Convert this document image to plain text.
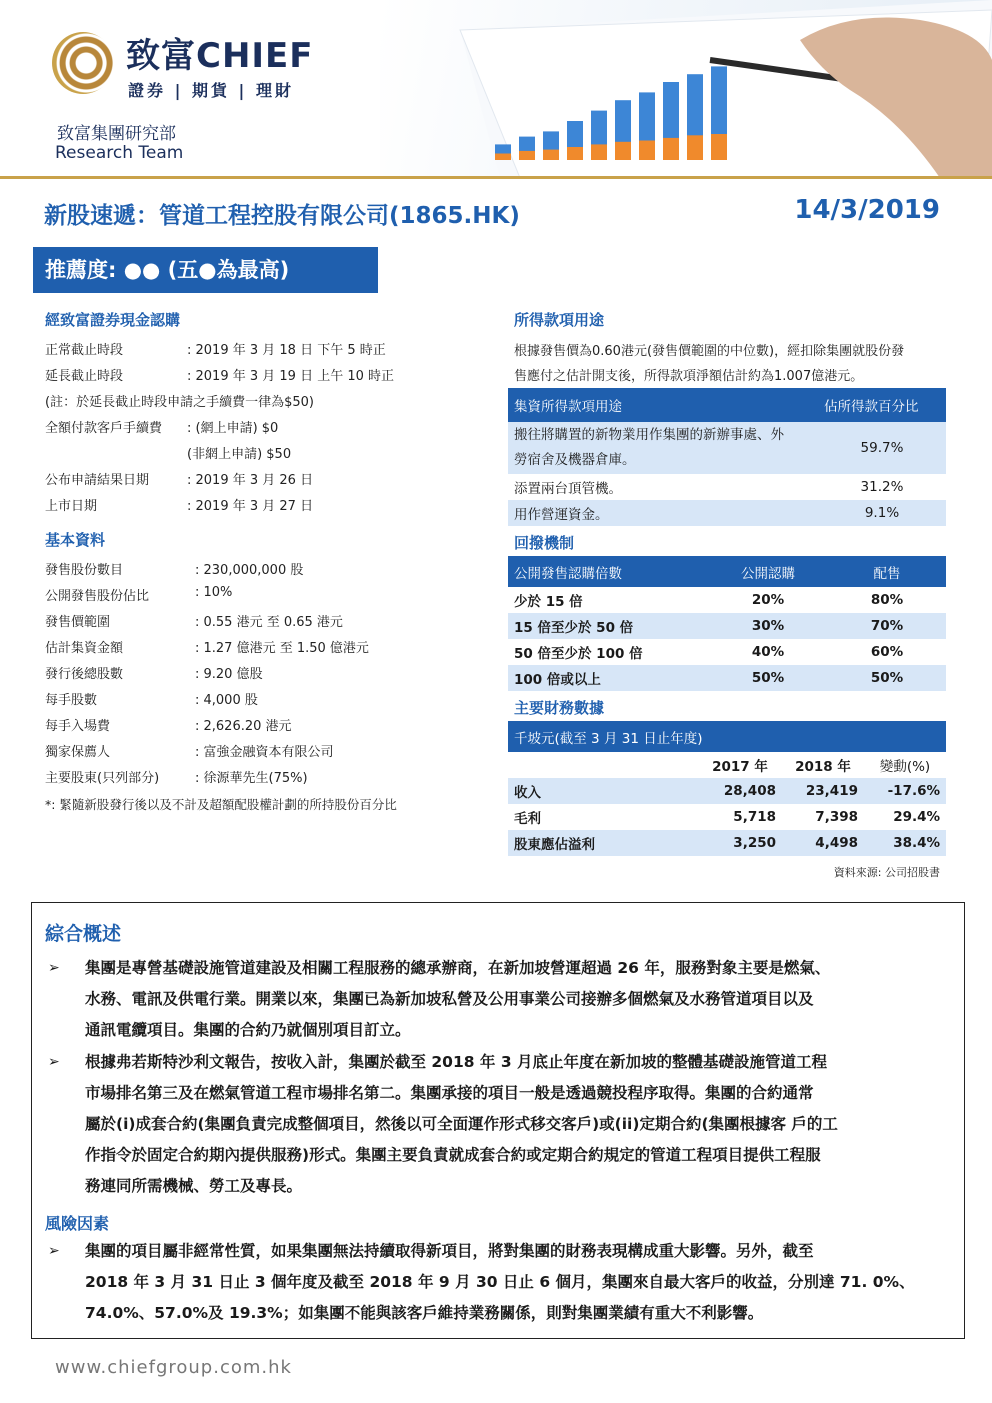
致富CHIEF
證券 | 期貨 | 理財
致富集團研究部
Research Team
新股速遞：管道工程控股有限公司(1865.HK)	14/3/2019
推薦度: ●● (五●為最高)
經致富證券現金認購
正常截止時段	: 2019 年 3 月 18 日 下午 5 時正
延長截止時段	: 2019 年 3 月 19 日 上午 10 時正
(註：於延長截止時段申請之手續費一律為$50)
全額付款客戶手續費 : (網上申請) $0
(非網上申請) $50
公布申請結果日期	: 2019 年 3 月 26 日
上市日期	: 2019 年 3 月 27 日
基本資料
發售股份數目	: 230,000,000 股
公開發售股份佔比	: 10%
發售價範圍	: 0.55 港元 至 0.65 港元
估計集資金額	: 1.27 億港元 至 1.50 億港元
發行後總股數	: 9.20 億股
每手股數	: 4,000 股
每手入場費	: 2,626.20 港元
獨家保薦人	: 富強金融資本有限公司
主要股東(只列部分)	: 徐源華先生(75%)
*: 緊隨新股發行後以及不計及超額配股權計劃的所持股份百分比
所得款項用途
根據發售價為0.60港元(發售價範圍的中位數)，經扣除集團就股份發
售應付之估計開支後，所得款項淨額估計約為1.007億港元。
集資所得款項用途	佔所得款百分比
搬往將購置的新物業用作集團的新辦事處、外
勞宿舍及機器倉庫。	59.7%
添置兩台頂管機。	31.2%
用作營運資金。	9.1%
回撥機制
公開發售認購倍數	公開認購	配售
少於 15 倍	20%	80%
15 倍至少於 50 倍	30%	70%
50 倍至少於 100 倍	40%	60%
100 倍或以上	50%	50%
主要財務數據
千坡元(截至 3 月 31 日止年度)			
	2017 年	2018 年	變動(%)
收入	28,408	23,419	-17.6%
毛利	5,718	7,398	29.4%
股東應佔溢利	3,250	4,498	38.4%
資料來源: 公司招股書
綜合概述
➢ 集團是專營基礎設施管道建設及相關工程服務的總承辦商，在新加坡營運超過 26 年，服務對象主要是燃氣、
水務、電訊及供電行業。開業以來，集團已為新加坡私營及公用事業公司接辦多個燃氣及水務管道項目以及
通訊電纜項目。集團的合約乃就個別項目訂立。
➢ 根據弗若斯特沙利文報告，按收入計，集團於截至 2018 年 3 月底止年度在新加坡的整體基礎設施管道工程
市場排名第三及在燃氣管道工程市場排名第二。集團承接的項目一般是透過競投程序取得。集團的合約通常
屬於(i)成套合約(集團負責完成整個項目，然後以可全面運作形式移交客戶)或(ii)定期合約(集團根據客 戶的工
作指令於固定合約期內提供服務)形式。集團主要負責就成套合約或定期合約規定的管道工程項目提供工程服
務連同所需機械、勞工及專長。
風險因素
➢ 集團的項目屬非經常性質，如果集團無法持續取得新項目，將對集團的財務表現構成重大影響。另外，截至
2018 年 3 月 31 日止 3 個年度及截至 2018 年 9 月 30 日止 6 個月，集團來自最大客戶的收益，分別達 71. 0%、
74.0%、57.0%及 19.3%；如集團不能與該客戶維持業務關係，則對集團業績有重大不利影響。
www.chiefgroup.com.hk
